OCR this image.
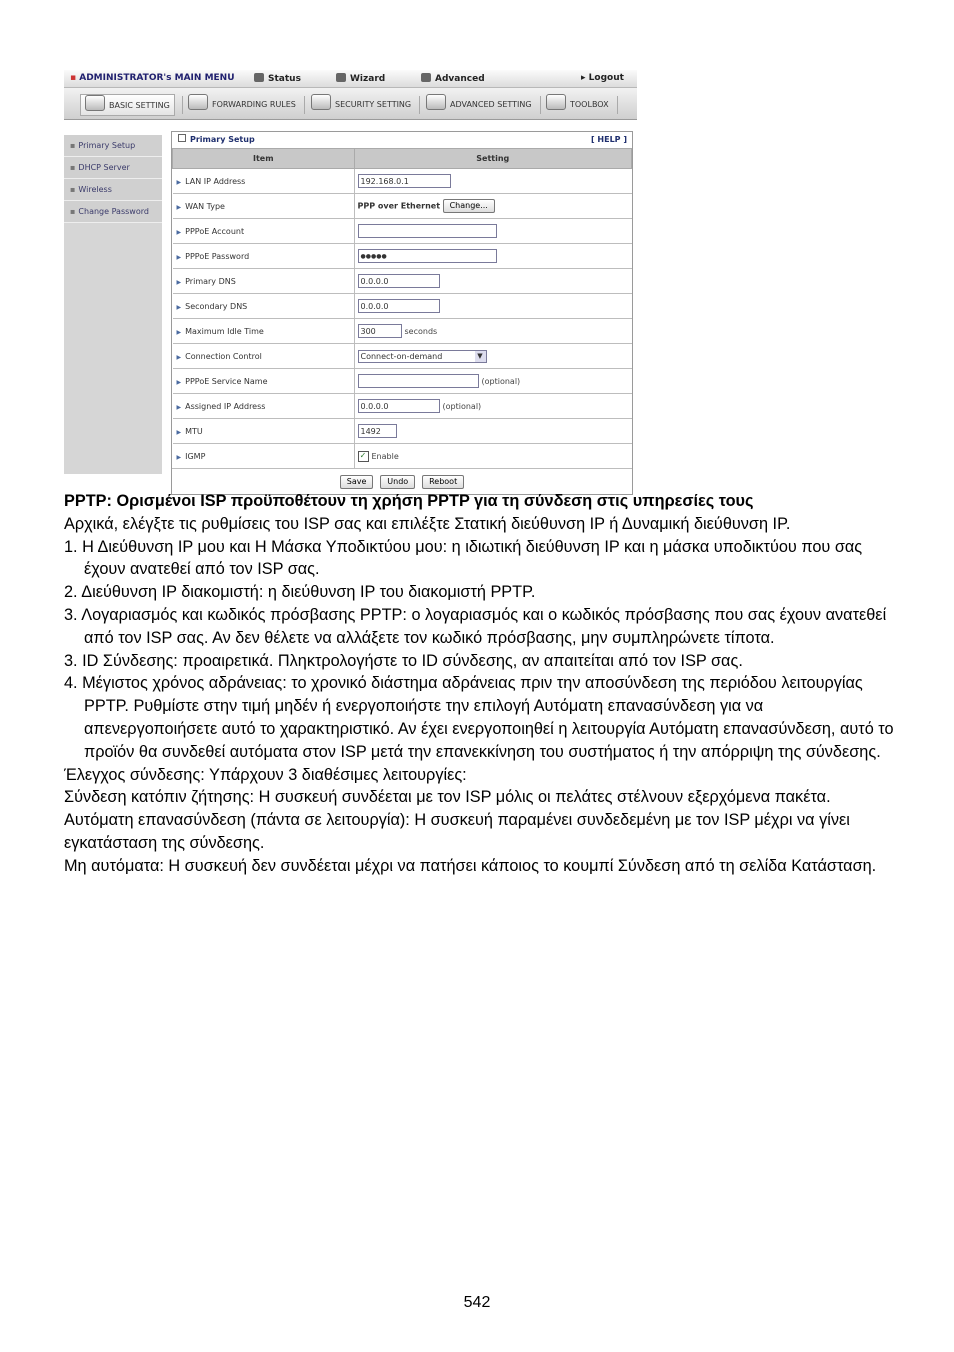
▪ ADMINISTRATOR's MAIN MENU	Status	Wizard	Advanced	▸ Logout
BASIC SETTING	FORWARDING RULES	SECURITY SETTING	ADVANCED SETTING	TOOLBOX
▪ Primary Setup
▪ DHCP Server
▪ Wireless
▪ Change Password
Primary Setup	[ HELP ]
Item	Setting
▶ LAN IP Address	192.168.0.1
▶ WAN Type	PPP over Ethernet Change...
▶ PPPoE Account	
▶ PPPoE Password	●●●●●
▶ Primary DNS	0.0.0.0
▶ Secondary DNS	0.0.0.0
▶ Maximum Idle Time	300 seconds
▶ Connection Control	Connect-on-demand ▼

▶ PPPoE Service Name	(optional)
▶ Assigned IP Address	0.0.0.0 (optional)
▶ MTU	1492
▶ IGMP	✓ Enable
Save	Undo	Reboot

PPTP: Ορισμένοι ISP προϋποθέτουν τη χρήση PPTP για τη σύνδεση στις υπηρεσίες τους

Αρχικά, ελέγξτε τις ρυθμίσεις του ISP σας και επιλέξτε Στατική διεύθυνση IP ή Δυναμική διεύθυνση IP.

1. Η Διεύθυνση IP μου και Η Μάσκα Υποδικτύου μου: η ιδιωτική διεύθυνση IP και η μάσκα υποδικτύου που σας έχουν ανατεθεί από τον ISP σας.

2. Διεύθυνση IP διακομιστή: η διεύθυνση IP του διακομιστή PPTP.

3. Λογαριασμός και κωδικός πρόσβασης PPTP: ο λογαριασμός και ο κωδικός πρόσβασης που σας έχουν ανατεθεί από τον ISP σας. Αν δεν θέλετε να αλλάξετε τον κωδικό πρόσβασης, μην συμπληρώνετε τίποτα.

3. ID Σύνδεσης: προαιρετικά. Πληκτρολογήστε το ID σύνδεσης, αν απαιτείται από τον ISP σας.

4. Μέγιστος χρόνος αδράνειας: το χρονικό διάστημα αδράνειας πριν την αποσύνδεση της περιόδου λειτουργίας PPTP. Ρυθμίστε στην τιμή μηδέν ή ενεργοποιήστε την επιλογή Αυτόματη επανασύνδεση για να απενεργοποιήσετε αυτό το χαρακτηριστικό. Αν έχει ενεργοποιηθεί η λειτουργία Αυτόματη επανασύνδεση, αυτό το προϊόν θα συνδεθεί αυτόματα στον ISP μετά την επανεκκίνηση του συστήματος ή την απόρριψη της σύνδεσης.

Έλεγχος σύνδεσης: Υπάρχουν 3 διαθέσιμες λειτουργίες:

Σύνδεση κατόπιν ζήτησης: Η συσκευή συνδέεται με τον ISP μόλις οι πελάτες στέλνουν εξερχόμενα πακέτα.

Αυτόματη επανασύνδεση (πάντα σε λειτουργία): Η συσκευή παραμένει συνδεδεμένη με τον ISP μέχρι να γίνει εγκατάσταση της σύνδεσης.

Μη αυτόματα: Η συσκευή δεν συνδέεται μέχρι να πατήσει κάποιος το κουμπί Σύνδεση από τη σελίδα Κατάσταση.

542
